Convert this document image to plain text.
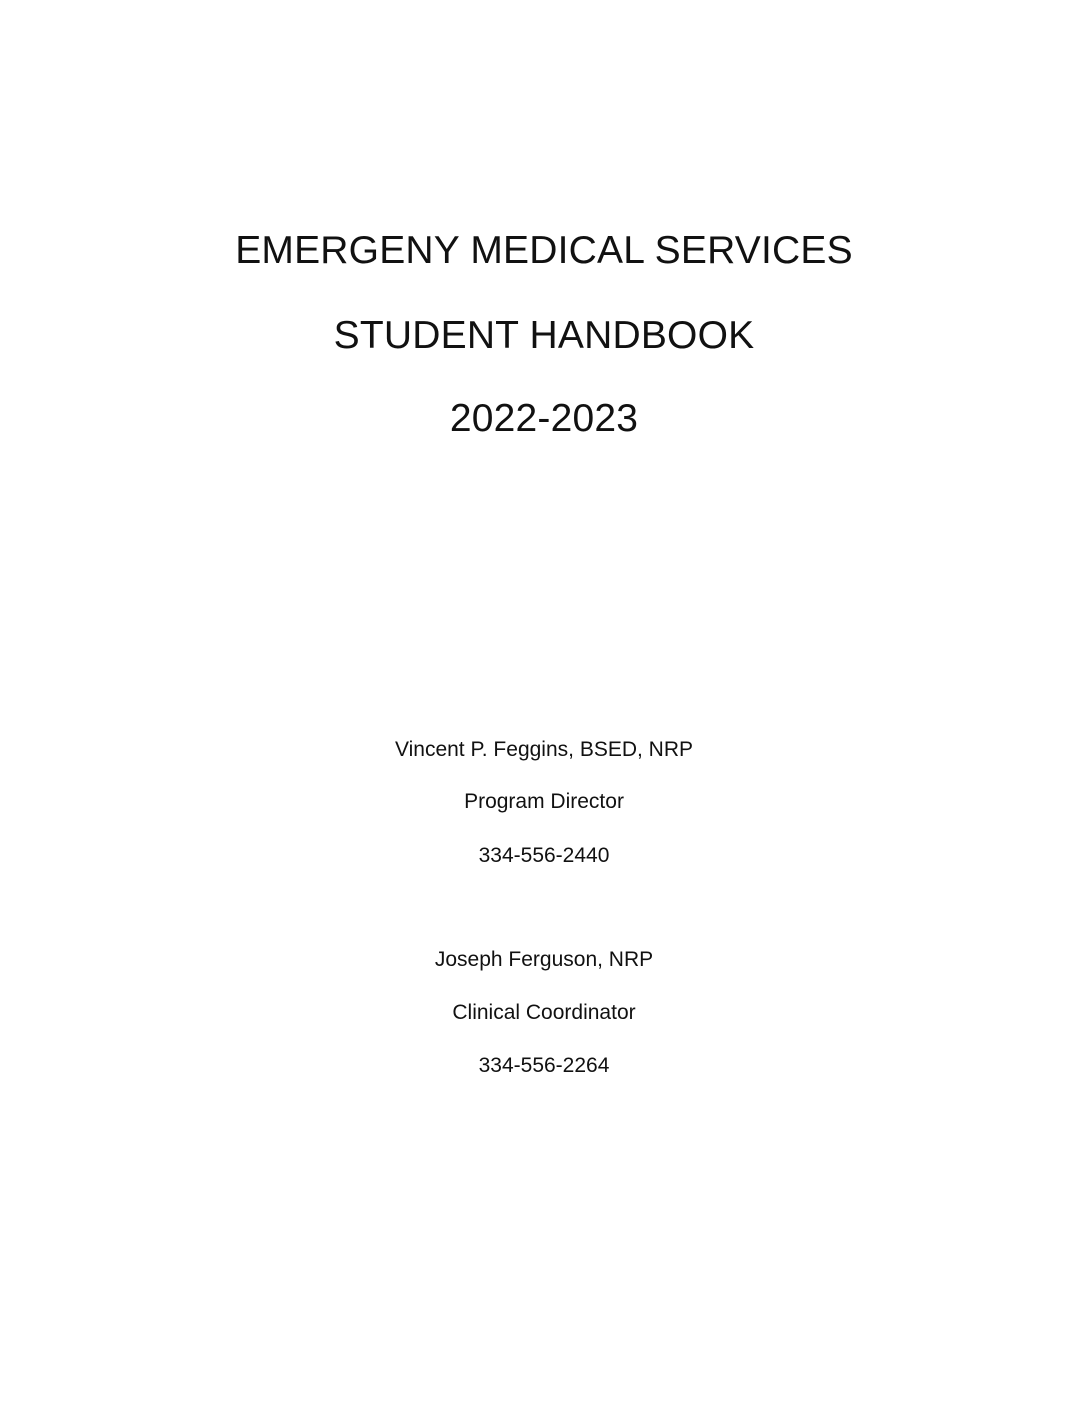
EMERGENY MEDICAL SERVICES
STUDENT HANDBOOK
2022-2023
Vincent P. Feggins, BSED, NRP
Program Director
334-556-2440
Joseph Ferguson, NRP
Clinical Coordinator
334-556-2264
